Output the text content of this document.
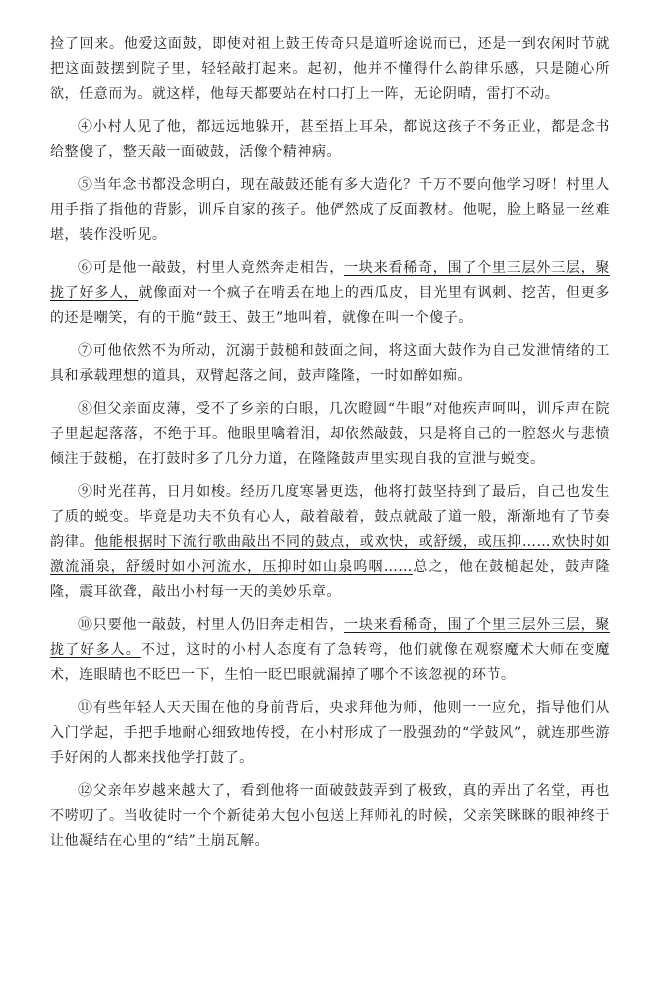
捡了回来。他爱这面鼓，即使对祖上鼓王传奇只是道听途说而已，还是一到农闲时节就把这面鼓摆到院子里，轻轻敲打起来。起初，他并不懂得什么韵律乐感，只是随心所欲，任意而为。就这样，他每天都要站在村口打上一阵，无论阴晴，雷打不动。

④小村人见了他，都远远地躲开，甚至捂上耳朵，都说这孩子不务正业，都是念书给整傻了，整天敲一面破鼓，活像个精神病。

⑤当年念书都没念明白，现在敲鼓还能有多大造化？千万不要向他学习呀！村里人用手指了指他的背影，训斥自家的孩子。他俨然成了反面教材。他呢，脸上略显一丝难堪，装作没听见。

⑥可是他一敲鼓，村里人竟然奔走相告，一块来看稀奇，围了个里三层外三层，聚拢了好多人，就像面对一个疯子在啃丢在地上的西瓜皮，目光里有讽刺、挖苦，但更多的还是嘲笑，有的干脆“鼓王、鼓王”地叫着，就像在叫一个傻子。

⑦可他依然不为所动，沉溺于鼓槌和鼓面之间，将这面大鼓作为自己发泄情绪的工具和承载理想的道具，双臂起落之间，鼓声隆隆，一时如醉如痴。

⑧但父亲面皮薄，受不了乡亲的白眼，几次瞪圆“牛眼”对他疾声呵叫，训斥声在院子里起起落落，不绝于耳。他眼里噙着泪，却依然敲鼓，只是将自己的一腔怒火与悲愤倾注于鼓槌，在打鼓时多了几分力道，在隆隆鼓声里实现自我的宣泄与蜕变。

⑨时光荏苒，日月如梭。经历几度寒暑更迭，他将打鼓坚持到了最后，自己也发生了质的蜕变。毕竟是功夫不负有心人，敲着敲着，鼓点就敲了道一般，渐渐地有了节奏韵律。他能根据时下流行歌曲敲出不同的鼓点，或欢快，或舒缓，或压抑……欢快时如激流涌泉，舒缓时如小河流水，压抑时如山泉呜咽……总之，他在鼓槌起处，鼓声隆隆，震耳欲聋，敲出小村每一天的美妙乐章。

⑩只要他一敲鼓，村里人仍旧奔走相告，一块来看稀奇，围了个里三层外三层，聚拢了好多人。不过，这时的小村人态度有了急转弯，他们就像在观察魔术大师在变魔术，连眼睛也不眨巴一下，生怕一眨巴眼就漏掉了哪个不该忽视的环节。

⑪有些年轻人天天围在他的身前背后，央求拜他为师，他则一一应允，指导他们从入门学起，手把手地耐心细致地传授，在小村形成了一股强劲的“学鼓风”，就连那些游手好闲的人都来找他学打鼓了。

⑫父亲年岁越来越大了，看到他将一面破鼓鼓弄到了极致，真的弄出了名堂，再也不唠叨了。当收徒时一个个新徒弟大包小包送上拜师礼的时候，父亲笑眯眯的眼神终于让他凝结在心里的“结”土崩瓦解。
